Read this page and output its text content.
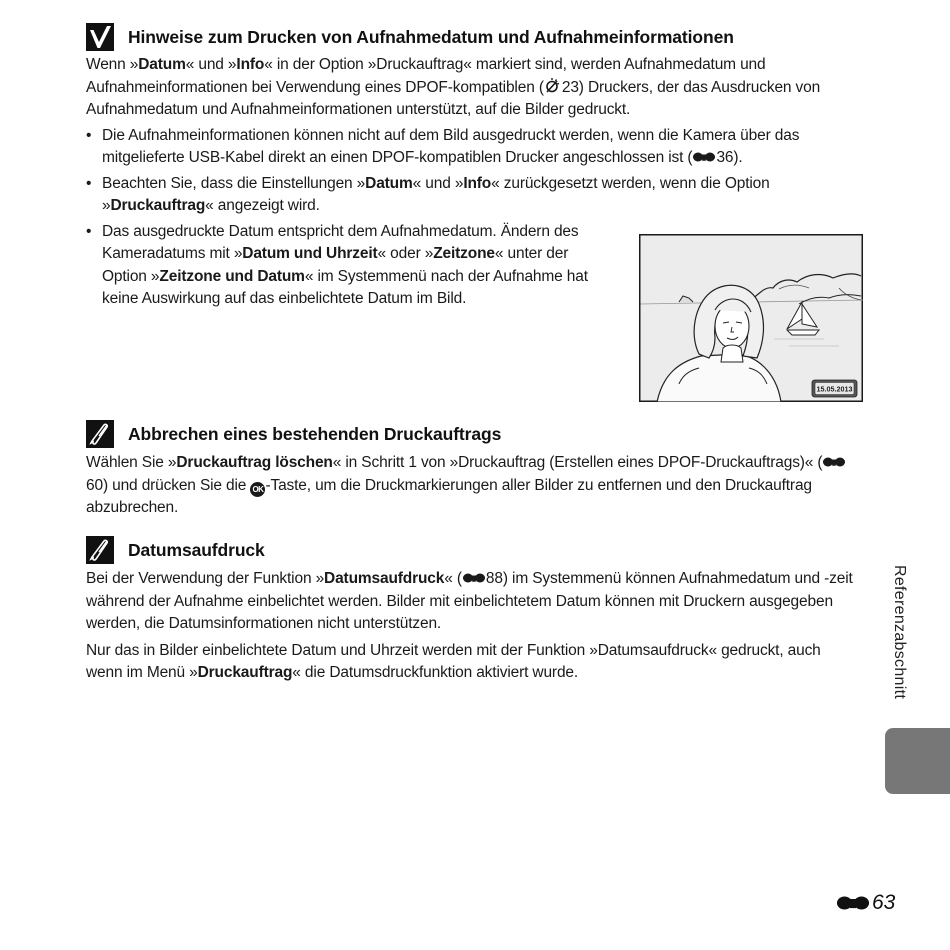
Hinweise zum Drucken von Aufnahmedatum und Aufnahmeinformationen

Wenn »Datum« und »Info« in der Option »Druckauftrag« markiert sind, werden Aufnahmedatum und Aufnahmeinformationen bei Verwendung eines DPOF-kompatiblen ( 23) Druckers, der das Ausdrucken von Aufnahmedatum und Aufnahmeinformationen unterstützt, auf die Bilder gedruckt.

• Die Aufnahmeinformationen können nicht auf dem Bild ausgedruckt werden, wenn die Kamera über das mitgelieferte USB-Kabel direkt an einen DPOF-kompatiblen Drucker angeschlossen ist ( 36).
• Beachten Sie, dass die Einstellungen »Datum« und »Info« zurückgesetzt werden, wenn die Option »Druckauftrag« angezeigt wird.
• Das ausgedruckte Datum entspricht dem Aufnahmedatum. Ändern des Kameradatums mit »Datum und Uhrzeit« oder »Zeitzone« unter der Option »Zeitzone und Datum« im Systemmenü nach der Aufnahme hat keine Auswirkung auf das einbelichtete Datum im Bild.
15.05.2013
Abbrechen eines bestehenden Druckauftrags

Wählen Sie »Druckauftrag löschen« in Schritt 1 von »Druckauftrag (Erstellen eines DPOF-Druckauftrags)« (60) und drücken Sie die OK -Taste, um die Druckmarkierungen aller Bilder zu entfernen und den Druckauftrag abzubrechen.

Datumsaufdruck

Bei der Verwendung der Funktion »Datumsaufdruck« ( 88) im Systemmenü können Aufnahmedatum und -zeit während der Aufnahme einbelichtet werden. Bilder mit einbelichtetem Datum können mit Druckern ausgegeben werden, die Datumsinformationen nicht unterstützen.

Nur das in Bilder einbelichtete Datum und Uhrzeit werden mit der Funktion »Datumsaufdruck« gedruckt, auch wenn im Menü »Druckauftrag« die Datumsdruckfunktion aktiviert wurde.	Referenzabschnitt
63
